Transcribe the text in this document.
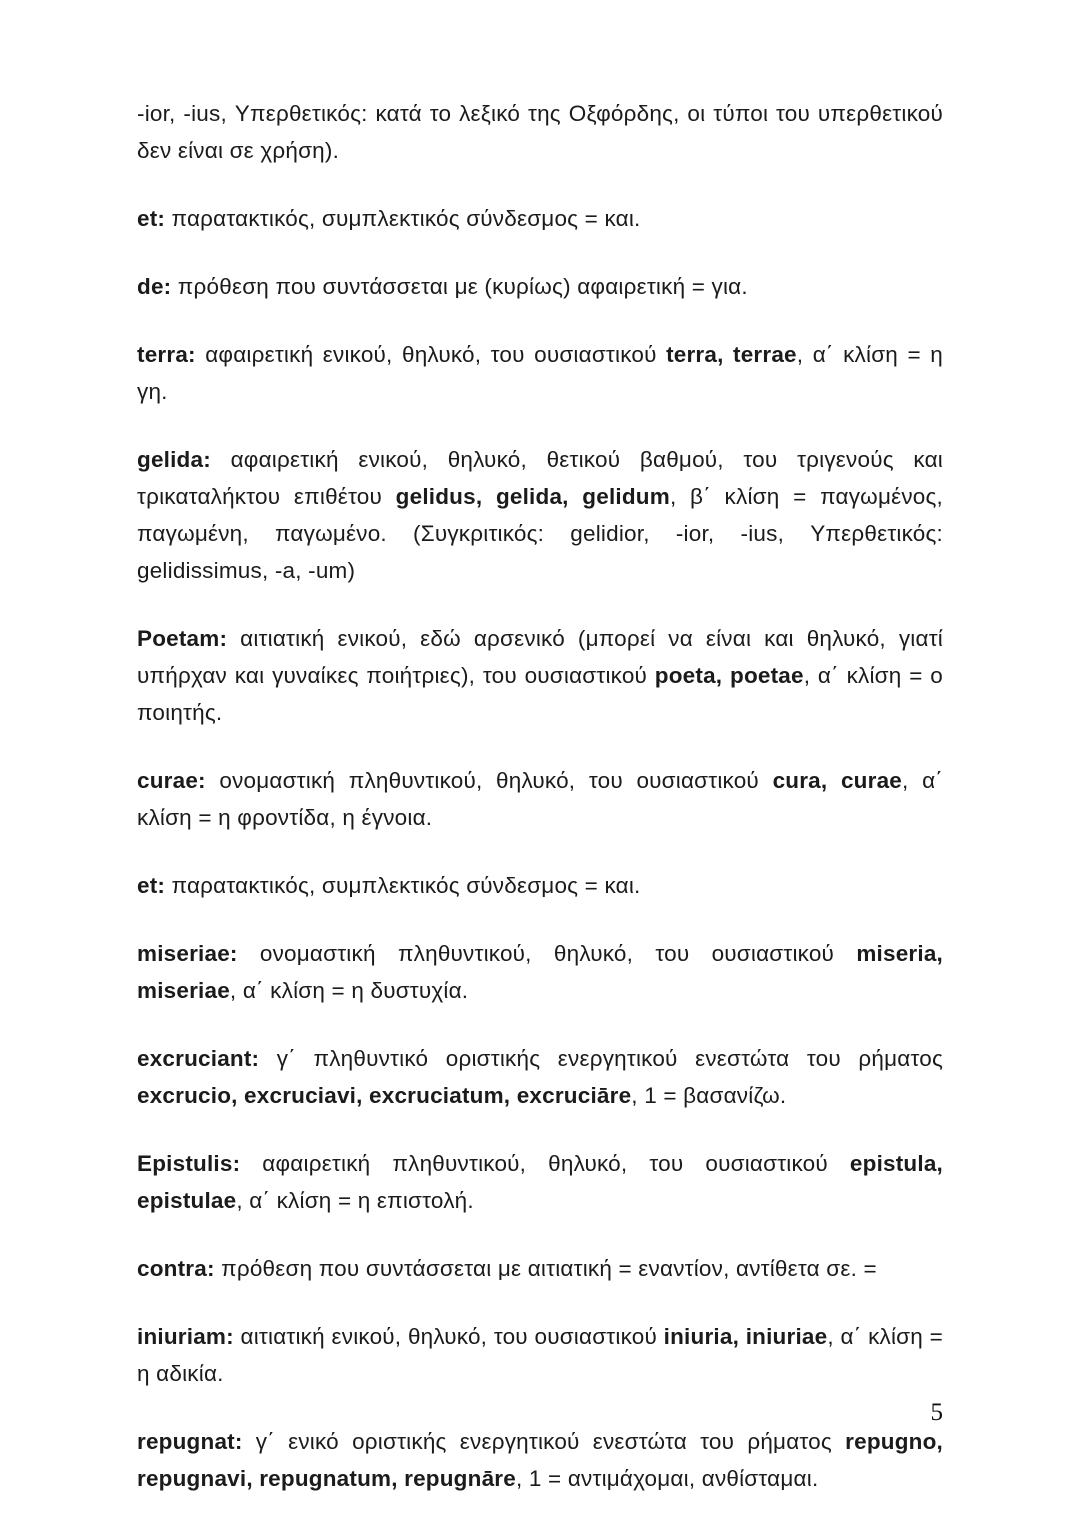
-ior, -ius, Υπερθετικός: κατά το λεξικό της Οξφόρδης, οι τύποι του υπερθετικού δεν είναι σε χρήση).

et: παρατακτικός, συμπλεκτικός σύνδεσμος = και.

de: πρόθεση που συντάσσεται με (κυρίως) αφαιρετική = για.

terra: αφαιρετική ενικού, θηλυκό, του ουσιαστικού terra, terrae, α΄ κλίση = η γη.

gelida: αφαιρετική ενικού, θηλυκό, θετικού βαθμού, του τριγενούς και τρικαταλήκτου επιθέτου gelidus, gelida, gelidum, β΄ κλίση = παγωμένος, παγωμένη, παγωμένο. (Συγκριτικός: gelidior, -ior, -ius, Υπερθετικός: gelidissimus, -a, -um)

Poetam: αιτιατική ενικού, εδώ αρσενικό (μπορεί να είναι και θηλυκό, γιατί υπήρχαν και γυναίκες ποιήτριες), του ουσιαστικού poeta, poetae, α΄ κλίση = ο ποιητής.

curae: ονομαστική πληθυντικού, θηλυκό, του ουσιαστικού cura, curae, α΄ κλίση = η φροντίδα, η έγνοια.

et: παρατακτικός, συμπλεκτικός σύνδεσμος = και.

miseriae: ονομαστική πληθυντικού, θηλυκό, του ουσιαστικού miseria, miseriae, α΄ κλίση = η δυστυχία.

excruciant: γ΄ πληθυντικό οριστικής ενεργητικού ενεστώτα του ρήματος excrucio, excruciavi, excruciatum, excruciāre, 1 = βασανίζω.

Epistulis: αφαιρετική πληθυντικού, θηλυκό, του ουσιαστικού epistula, epistulae, α΄ κλίση = η επιστολή.

contra: πρόθεση που συντάσσεται με αιτιατική = εναντίον, αντίθετα σε. =

iniuriam: αιτιατική ενικού, θηλυκό, του ουσιαστικού iniuria, iniuriae, α΄ κλίση = η αδικία.

repugnat: γ΄ ενικό οριστικής ενεργητικού ενεστώτα του ρήματος repugno, repugnavi, repugnatum, repugnāre, 1 = αντιμάχομαι, ανθίσταμαι.

5
